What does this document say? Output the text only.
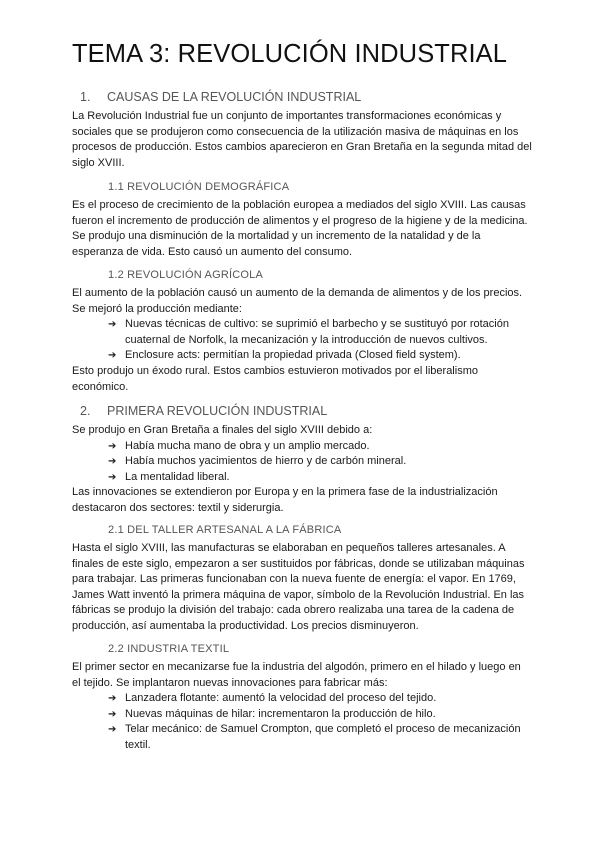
TEMA 3: REVOLUCIÓN INDUSTRIAL
1. CAUSAS DE LA REVOLUCIÓN INDUSTRIAL

La Revolución Industrial fue un conjunto de importantes transformaciones económicas y sociales que se produjeron como consecuencia de la utilización masiva de máquinas en los procesos de producción. Estos cambios aparecieron en Gran Bretaña en la segunda mitad del siglo XVIII.

1.1 REVOLUCIÓN DEMOGRÁFICA

Es el proceso de crecimiento de la población europea a mediados del siglo XVIII. Las causas fueron el incremento de producción de alimentos y el progreso de la higiene y de la medicina. Se produjo una disminución de la mortalidad y un incremento de la natalidad y de la esperanza de vida. Esto causó un aumento del consumo.

1.2 REVOLUCIÓN AGRÍCOLA

El aumento de la población causó un aumento de la demanda de alimentos y de los precios. Se mejoró la producción mediante:

➔ Nuevas técnicas de cultivo: se suprimió el barbecho y se sustituyó por rotación cuaternal de Norfolk, la mecanización y la introducción de nuevos cultivos.
➔ Enclosure acts: permitían la propiedad privada (Closed field system).

Esto produjo un éxodo rural. Estos cambios estuvieron motivados por el liberalismo económico.

2. PRIMERA REVOLUCIÓN INDUSTRIAL

Se produjo en Gran Bretaña a finales del siglo XVIII debido a:

➔ Había mucha mano de obra y un amplio mercado.
➔ Había muchos yacimientos de hierro y de carbón mineral.
➔ La mentalidad liberal.

Las innovaciones se extendieron por Europa y en la primera fase de la industrialización destacaron dos sectores: textil y siderurgia.

2.1 DEL TALLER ARTESANAL A LA FÁBRICA

Hasta el siglo XVIII, las manufacturas se elaboraban en pequeños talleres artesanales. A finales de este siglo, empezaron a ser sustituidos por fábricas, donde se utilizaban máquinas para trabajar. Las primeras funcionaban con la nueva fuente de energía: el vapor. En 1769, James Watt inventó la primera máquina de vapor, símbolo de la Revolución Industrial. En las fábricas se produjo la división del trabajo: cada obrero realizaba una tarea de la cadena de producción, así aumentaba la productividad. Los precios disminuyeron.

2.2 INDUSTRIA TEXTIL

El primer sector en mecanizarse fue la industria del algodón, primero en el hilado y luego en el tejido. Se implantaron nuevas innovaciones para fabricar más:

➔ Lanzadera flotante: aumentó la velocidad del proceso del tejido.
➔ Nuevas máquinas de hilar: incrementaron la producción de hilo.
➔ Telar mecánico: de Samuel Crompton, que completó el proceso de mecanización textil.
